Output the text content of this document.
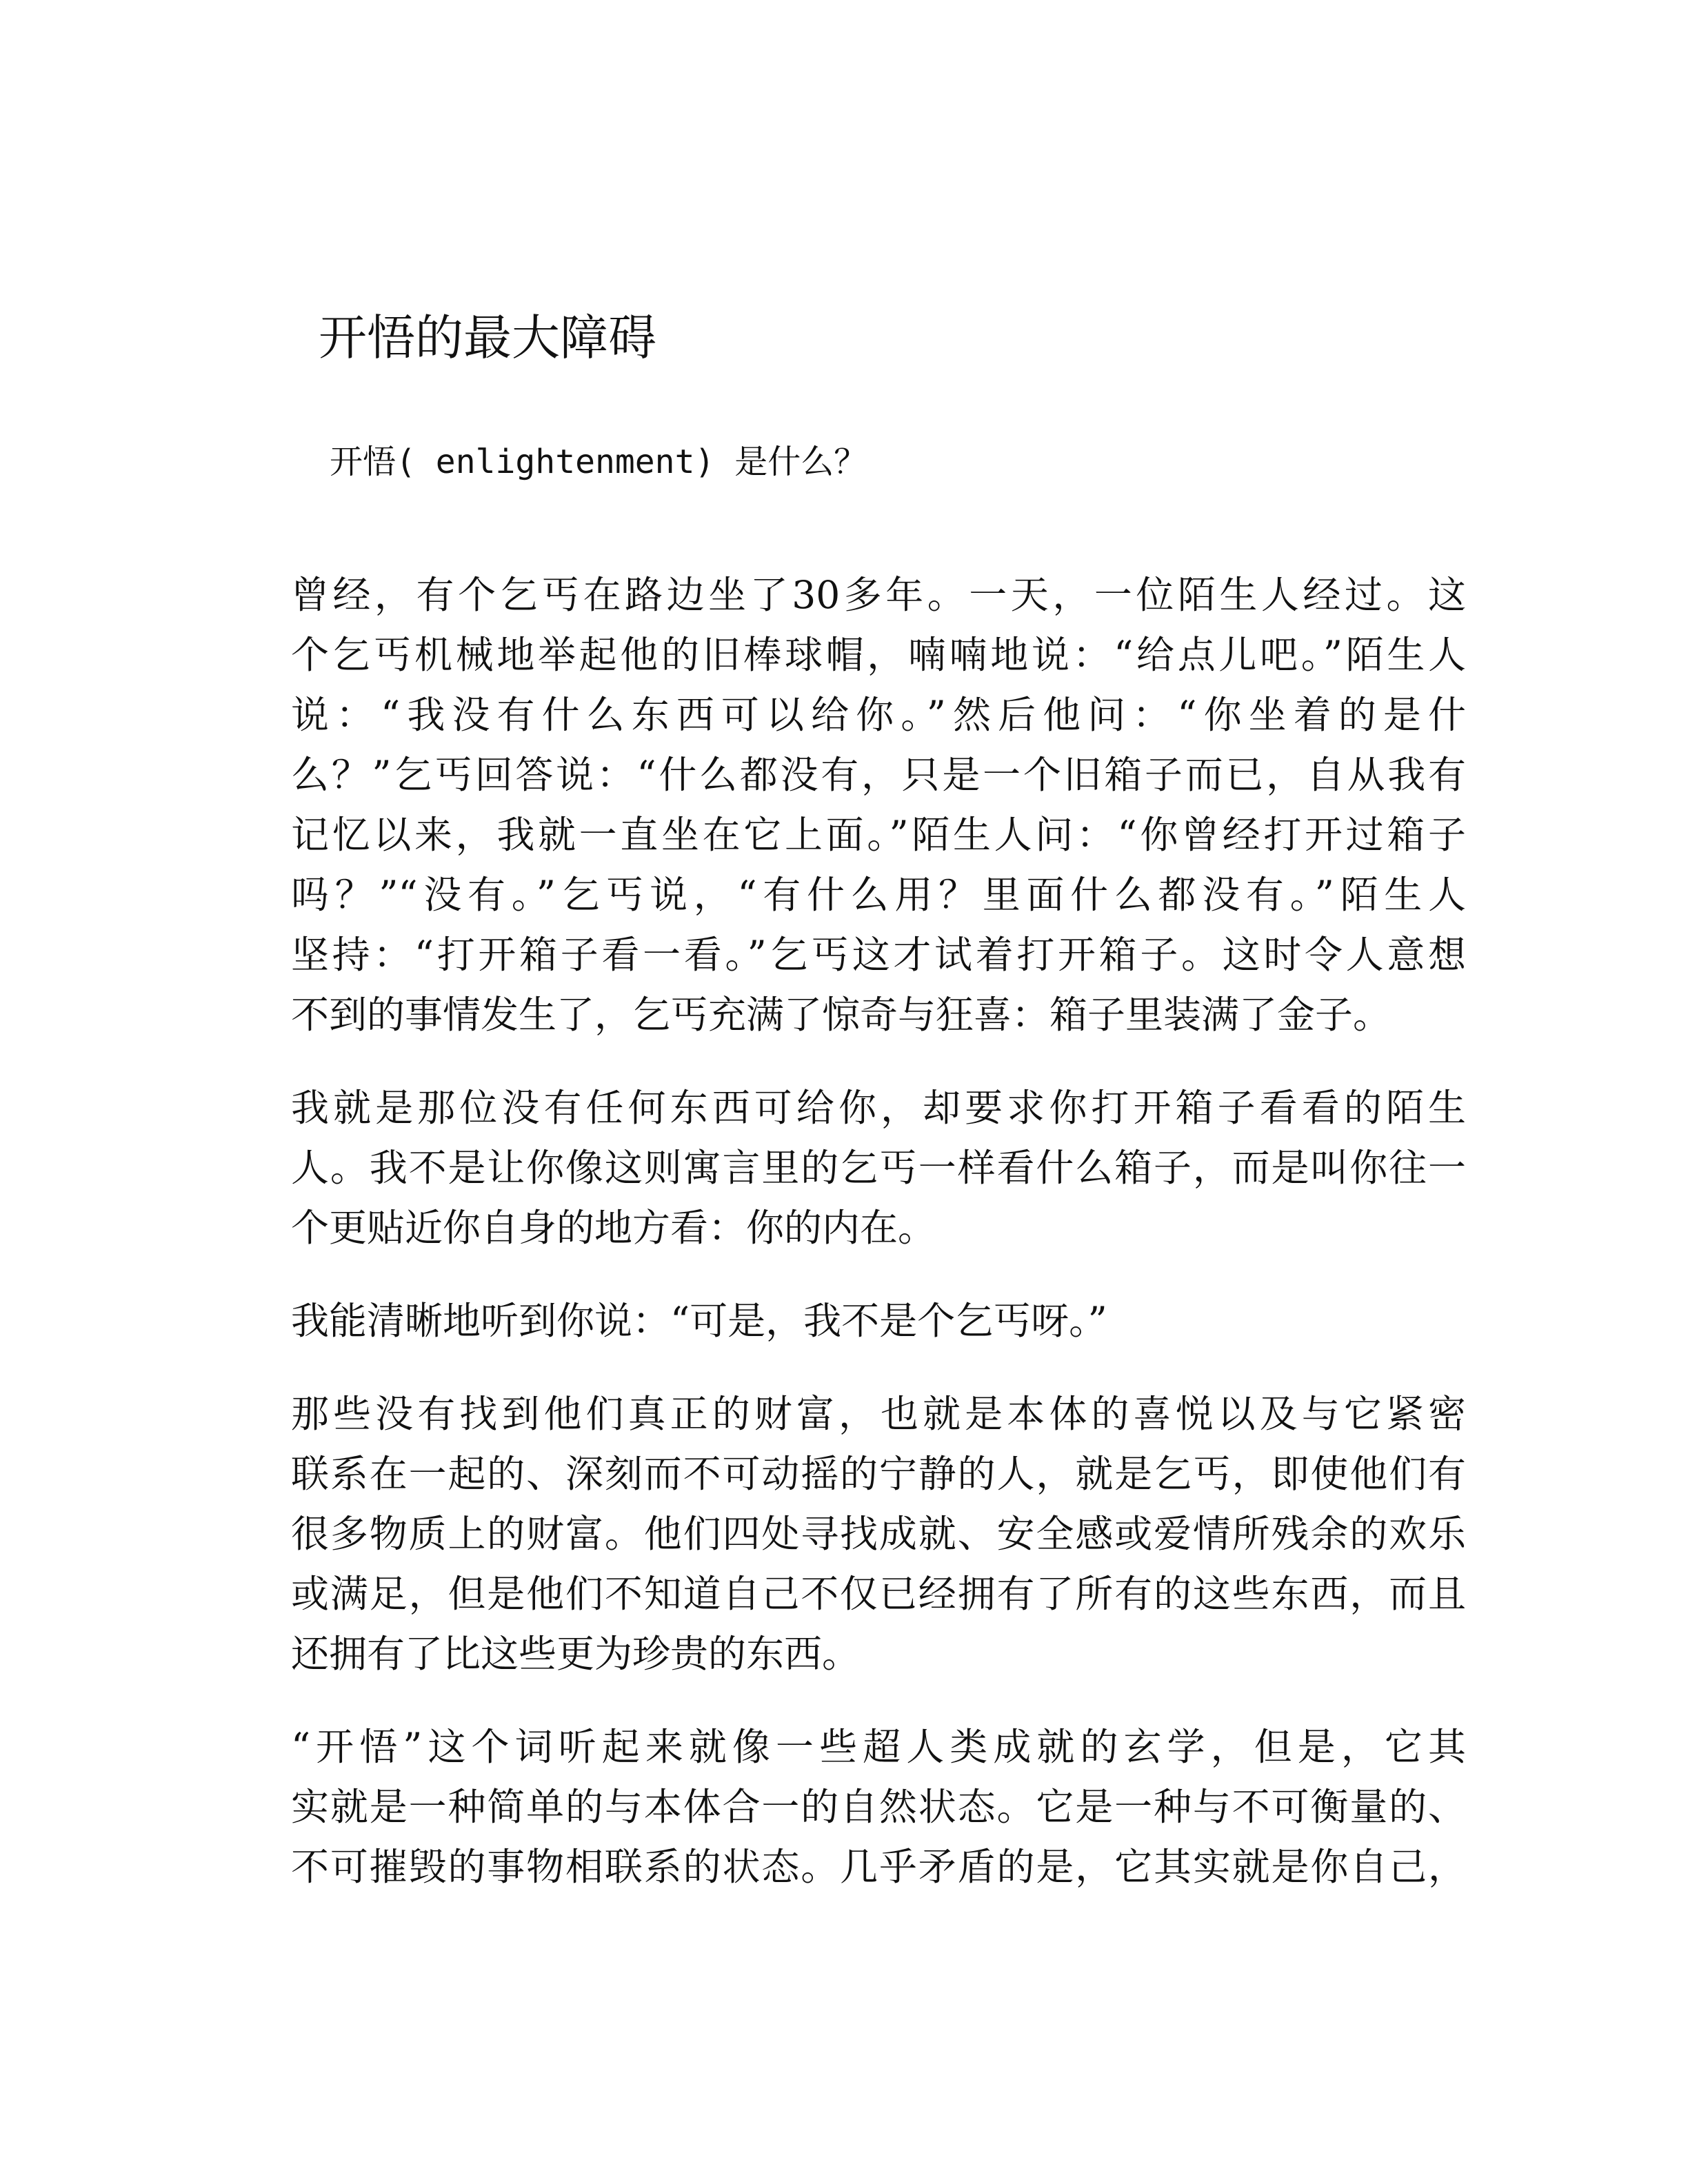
开悟的最大障碍

开悟( enlightenment) 是什么？

曾经，有个乞丐在路边坐了30多年。一天，一位陌生人经过。这
个乞丐机械地举起他的旧棒球帽，喃喃地说：“给点儿吧。”陌生人
说：“我没有什么东西可以给你。”然后他问：“你坐着的是什
么？”乞丐回答说：“什么都没有，只是一个旧箱子而已，自从我有
记忆以来，我就一直坐在它上面。”陌生人问：“你曾经打开过箱子
吗？”“没有。”乞丐说，“有什么用？里面什么都没有。”陌生人
坚持：“打开箱子看一看。”乞丐这才试着打开箱子。这时令人意想
不到的事情发生了，乞丐充满了惊奇与狂喜：箱子里装满了金子。

我就是那位没有任何东西可给你，却要求你打开箱子看看的陌生
人。我不是让你像这则寓言里的乞丐一样看什么箱子，而是叫你往一
个更贴近你自身的地方看：你的内在。

我能清晰地听到你说：“可是，我不是个乞丐呀。”

那些没有找到他们真正的财富，也就是本体的喜悦以及与它紧密
联系在一起的、深刻而不可动摇的宁静的人，就是乞丐，即使他们有
很多物质上的财富。他们四处寻找成就、安全感或爱情所残余的欢乐
或满足，但是他们不知道自己不仅已经拥有了所有的这些东西，而且
还拥有了比这些更为珍贵的东西。

“开悟”这个词听起来就像一些超人类成就的玄学，但是，它其
实就是一种简单的与本体合一的自然状态。它是一种与不可衡量的、
不可摧毁的事物相联系的状态。几乎矛盾的是，它其实就是你自己，
